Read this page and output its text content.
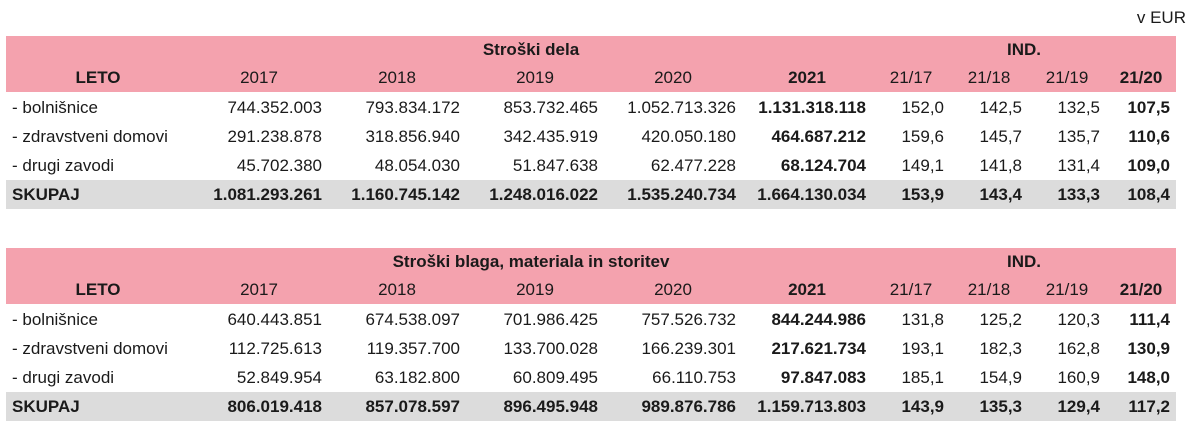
v EUR
	Stroški dela					IND.			
LETO	2017	2018	2019	2020	2021	21/17	21/18	21/19	21/20
- bolnišnice	744.352.003	793.834.172	853.732.465	1.052.713.326	1.131.318.118	152,0	142,5	132,5	107,5
- zdravstveni domovi	291.238.878	318.856.940	342.435.919	420.050.180	464.687.212	159,6	145,7	135,7	110,6
- drugi zavodi	45.702.380	48.054.030	51.847.638	62.477.228	68.124.704	149,1	141,8	131,4	109,0
SKUPAJ	1.081.293.261	1.160.745.142	1.248.016.022	1.535.240.734	1.664.130.034	153,9	143,4	133,3	108,4
	Stroški blaga, materiala in storitev					IND.			
LETO	2017	2018	2019	2020	2021	21/17	21/18	21/19	21/20
- bolnišnice	640.443.851	674.538.097	701.986.425	757.526.732	844.244.986	131,8	125,2	120,3	111,4
- zdravstveni domovi	112.725.613	119.357.700	133.700.028	166.239.301	217.621.734	193,1	182,3	162,8	130,9
- drugi zavodi	52.849.954	63.182.800	60.809.495	66.110.753	97.847.083	185,1	154,9	160,9	148,0
SKUPAJ	806.019.418	857.078.597	896.495.948	989.876.786	1.159.713.803	143,9	135,3	129,4	117,2
